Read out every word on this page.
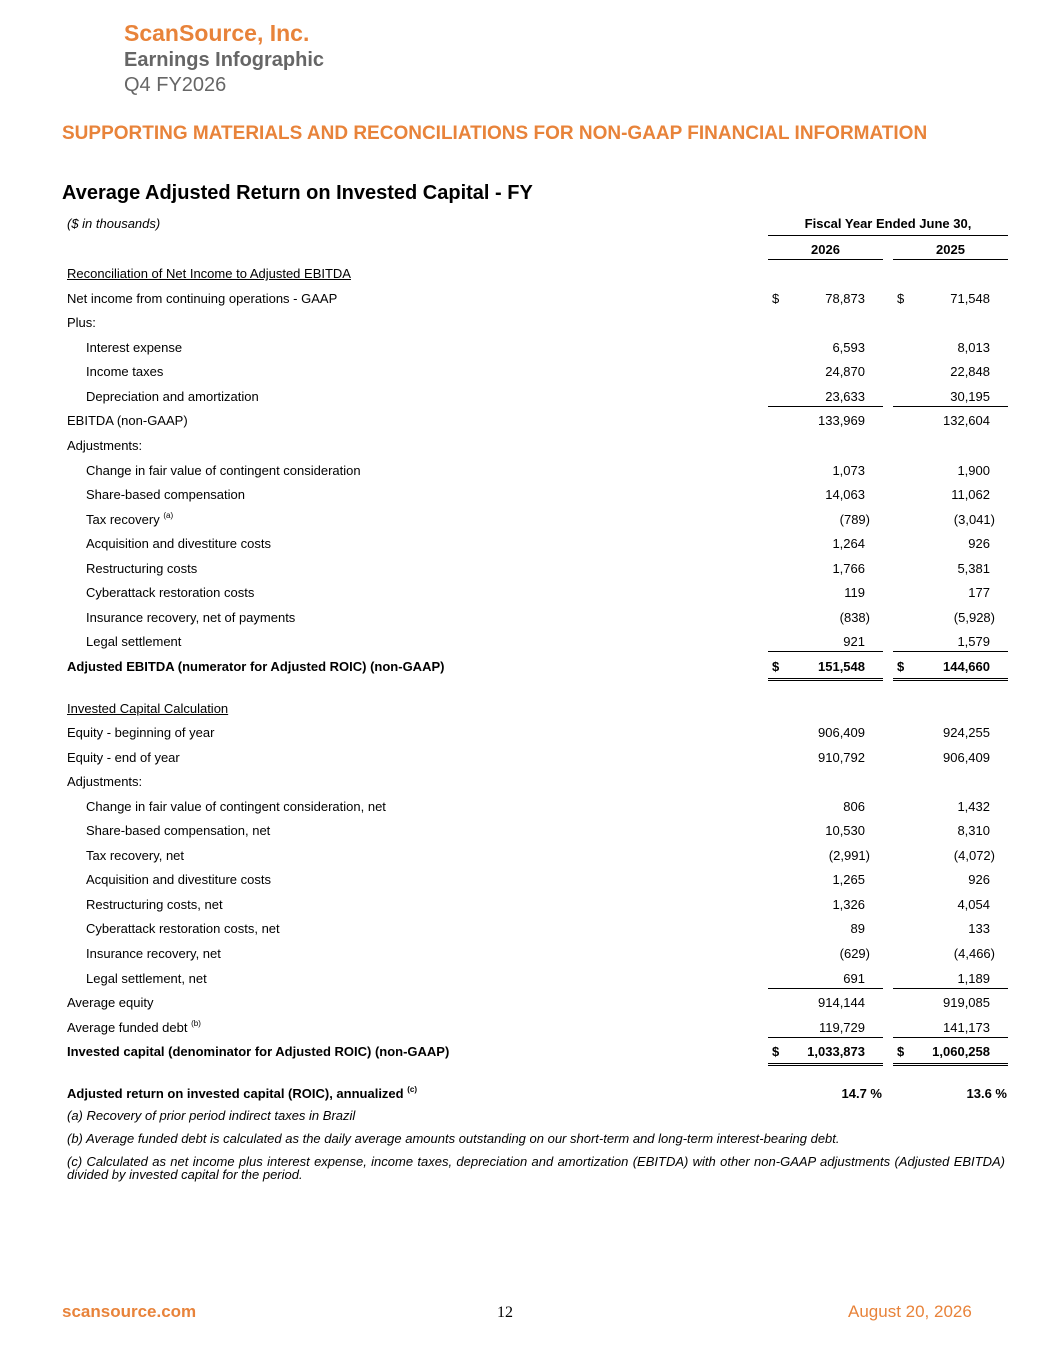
ScanSource, Inc.
Earnings Infographic
Q4 FY2026
SUPPORTING MATERIALS AND RECONCILIATIONS FOR NON-GAAP FINANCIAL INFORMATION
Average Adjusted Return on Invested Capital - FY
($ in thousands)	Fiscal Year Ended June 30,
2026	2025
Reconciliation of Net Income to Adjusted EBITDA
Net income from continuing operations - GAAP	$	78,873 $	71,548
Plus:
Interest expense	6,593	8,013
Income taxes	24,870	22,848
Depreciation and amortization	23,633	30,195
EBITDA (non-GAAP)	133,969	132,604
Adjustments:
Change in fair value of contingent consideration	1,073	1,900
Share-based compensation	14,063	11,062
Tax recovery $^{(a)}$	(789)	(3,041)
Acquisition and divestiture costs	1,264	926
Restructuring costs	1,766	5,381
Cyberattack restoration costs	119	177
Insurance recovery, net of payments	(838)	(5,928)
Legal settlement	921	1,579
Adjusted EBITDA (numerator for Adjusted ROIC) (non-GAAP)	$	151,548 $	144,660
Invested Capital Calculation
Equity - beginning of year	906,409	924,255
Equity - end of year	910,792	906,409
Adjustments:
Change in fair value of contingent consideration, net	806	1,432
Share-based compensation, net	10,530	8,310
Tax recovery, net	(2,991)	(4,072)
Acquisition and divestiture costs	1,265	926
Restructuring costs, net	1,326	4,054
Cyberattack restoration costs, net	89	133
Insurance recovery, net	(629)	(4,466)
Legal settlement, net	691	1,189
Average equity	914,144	919,085
Average funded debt $^{(b)}$	119,729	141,173
Invested capital (denominator for Adjusted ROIC) (non-GAAP)	$ 1,033,873 $ 1,060,258
Adjusted return on invested capital (ROIC), annualized $^{(c)}$	14.7 %	13.6 %
(a) Recovery of prior period indirect taxes in Brazil
(b) Average funded debt is calculated as the daily average amounts outstanding on our short-term and long-term interest-bearing debt.
(c) Calculated as net income plus interest expense, income taxes, depreciation and amortization (EBITDA) with other non-GAAP adjustments (Adjusted EBITDA) divided by invested capital for the period.
scansource.com	12	August 20, 2026
